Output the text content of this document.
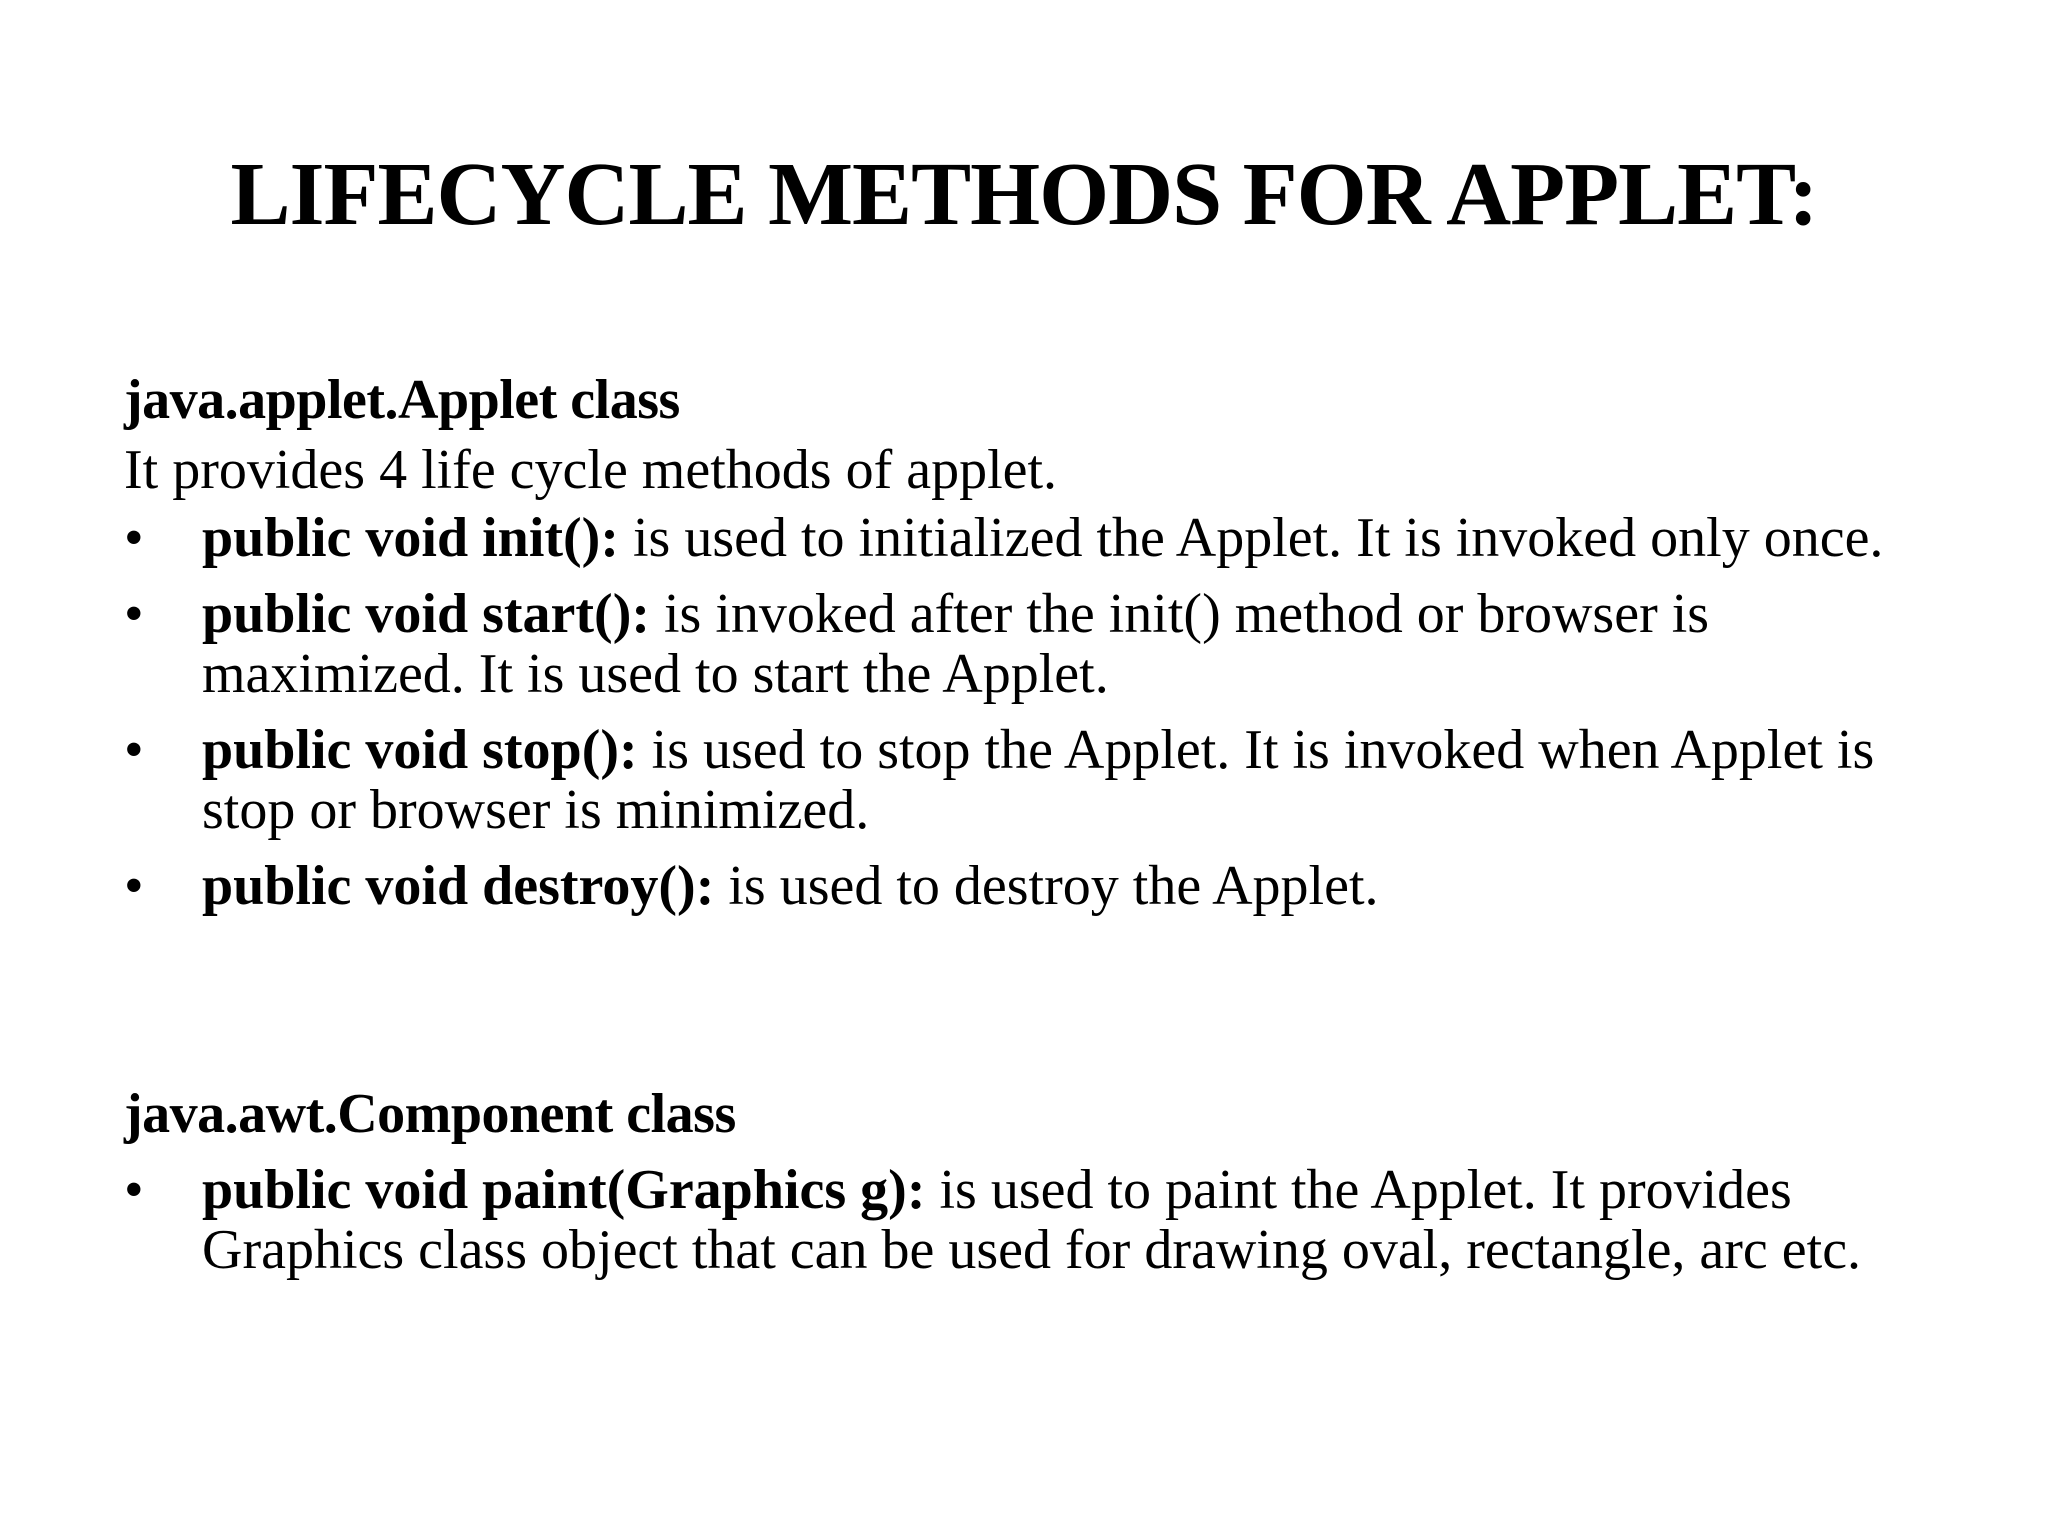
LIFECYCLE METHODS FOR APPLET:

java.applet.Applet class

It provides 4 life cycle methods of applet.

• public void init(): is used to initialized the Applet. It is invoked only once.
• public void start(): is invoked after the init() method or browser is maximized. It is used to start the Applet.
• public void stop(): is used to stop the Applet. It is invoked when Applet is stop or browser is minimized.
• public void destroy(): is used to destroy the Applet.

java.awt.Component class

• public void paint(Graphics g): is used to paint the Applet. It provides Graphics class object that can be used for drawing oval, rectangle, arc etc.
